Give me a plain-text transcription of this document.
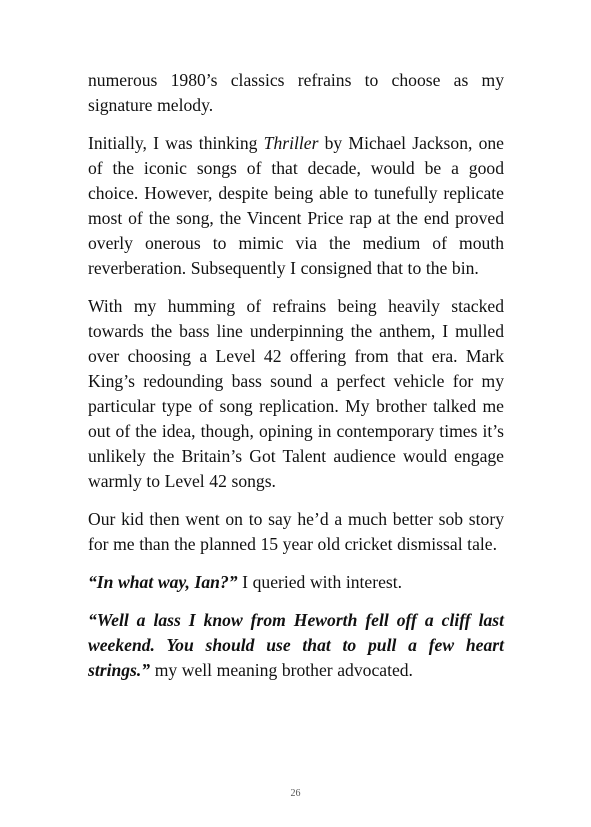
numerous 1980’s classics refrains to choose as my signature melody.

Initially, I was thinking Thriller by Michael Jackson, one of the iconic songs of that decade, would be a good choice. However, despite being able to tunefully replicate most of the song, the Vincent Price rap at the end proved overly onerous to mimic via the medium of mouth reverberation. Subsequently I consigned that to the bin.

With my humming of refrains being heavily stacked towards the bass line underpinning the anthem, I mulled over choosing a Level 42 offering from that era. Mark King’s redounding bass sound a perfect vehicle for my particular type of song replication. My brother talked me out of the idea, though, opining in contemporary times it’s unlikely the Britain’s Got Talent audience would engage warmly to Level 42 songs.

Our kid then went on to say he’d a much better sob story for me than the planned 15 year old cricket dismissal tale.

“In what way, Ian?” I queried with interest.

“Well a lass I know from Heworth fell off a cliff last weekend. You should use that to pull a few heart strings.” my well meaning brother advocated.

26
